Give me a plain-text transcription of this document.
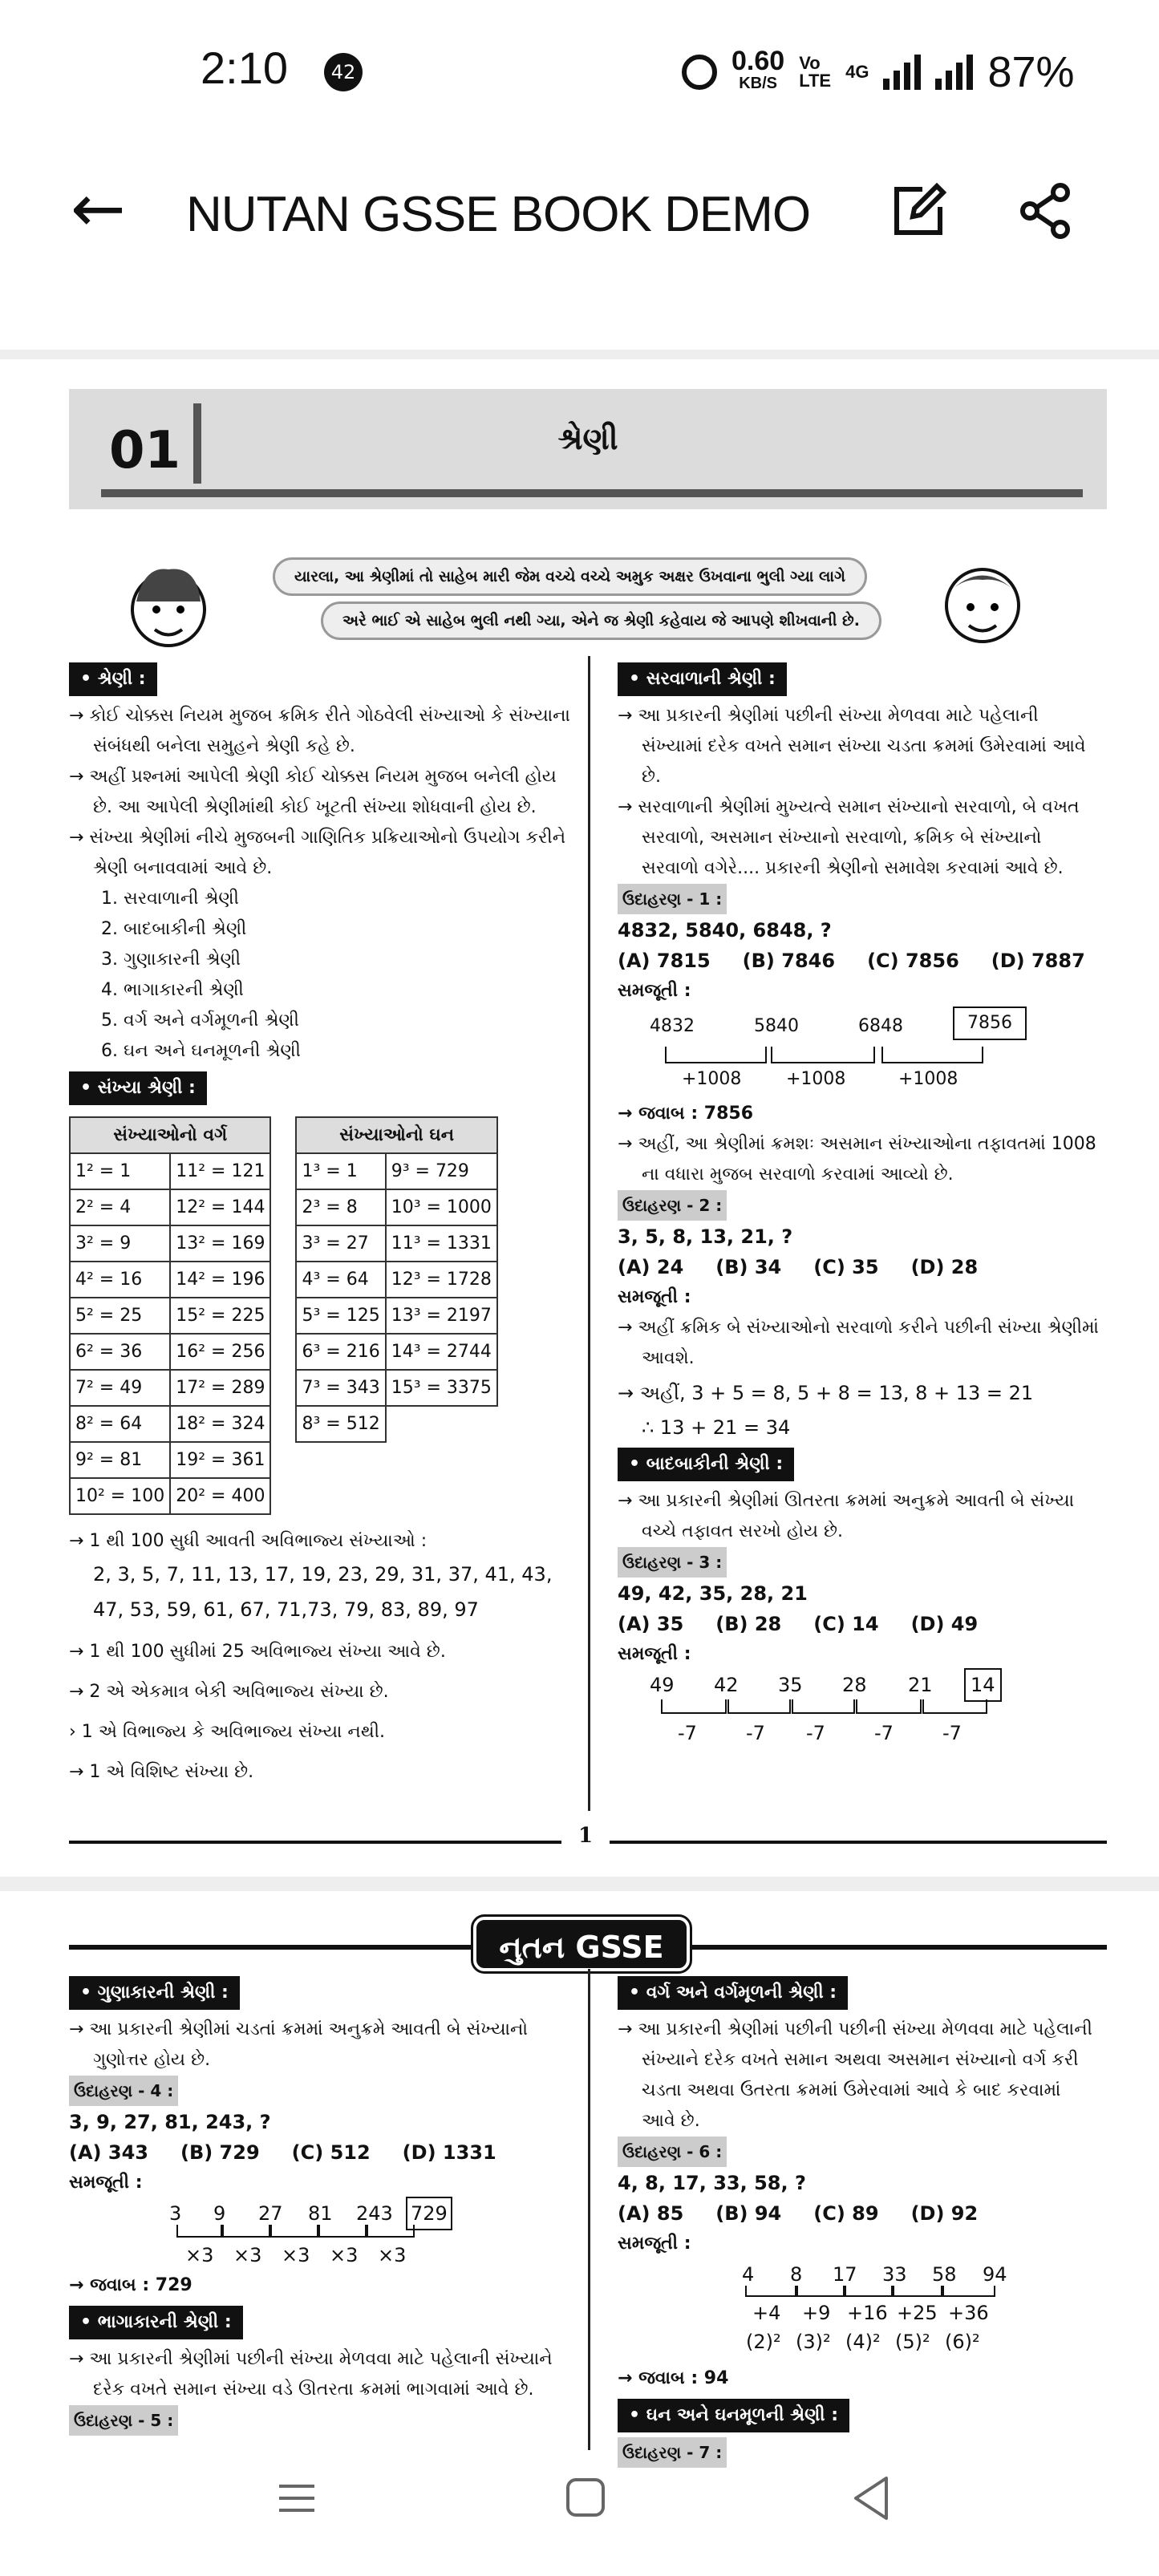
2:10	42	0.60
KB/S
Vo
LTE 4G	87%
← NUTAN GSSE BOOK DEMO
01	શ્રેણી
યારલા, આ શ્રેણીમાં તો સાહેબ મારી જેમ વચ્ચે વચ્ચે અમુક અક્ષર ઉખવાના ભુલી ગ્યા લાગે
અરે ભાઈ એ સાહેબ ભુલી નથી ગ્યા, એને જ શ્રેણી કહેવાય જે આપણે શીખવાની છે.
• શ્રેણી :

→ કોઈ ચોક્કસ નિયમ મુજબ ક્રમિક રીતે ગોઠવેલી સંખ્યાઓ કે સંખ્યાના સંબંધથી બનેલા સમુહને શ્રેણી કહે છે.

→ અહીં પ્રશ્નમાં આપેલી શ્રેણી કોઈ ચોક્કસ નિયમ મુજબ બનેલી હોય છે. આ આપેલી શ્રેણીમાંથી કોઈ ખૂટતી સંખ્યા શોધવાની હોય છે.

→ સંખ્યા શ્રેણીમાં નીચે મુજબની ગાણિતિક પ્રક્રિયાઓનો ઉપયોગ કરીને શ્રેણી બનાવવામાં આવે છે.

1. સરવાળાની શ્રેણી

2. બાદબાકીની શ્રેણી

3. ગુણાકારની શ્રેણી

4. ભાગાકારની શ્રેણી

5. વર્ગ અને વર્ગમૂળની શ્રેણી

6. ઘન અને ઘનમૂળની શ્રેણી

• સંખ્યા શ્રેણી :
સંખ્યાઓનો વર્ગ	
1² = 1	11² = 121
2² = 4	12² = 144
3² = 9	13² = 169
4² = 16	14² = 196
5² = 25	15² = 225
6² = 36	16² = 256
7² = 49	17² = 289
8² = 64	18² = 324
9² = 81	19² = 361
10² = 100	20² = 400
સંખ્યાઓનો ઘન	
1³ = 1	9³ = 729
2³ = 8	10³ = 1000
3³ = 27	11³ = 1331
4³ = 64	12³ = 1728
5³ = 125	13³ = 2197
6³ = 216	14³ = 2744
7³ = 343	15³ = 3375
8³ = 512	

→ 1 થી 100 સુધી આવતી અવિભાજ્ય સંખ્યાઓ :

2, 3, 5, 7, 11, 13, 17, 19, 23, 29, 31, 37, 41, 43, 47, 53, 59, 61, 67, 71,73, 79, 83, 89, 97

→ 1 થી 100 સુધીમાં 25 અવિભાજ્ય સંખ્યા આવે છે.

→ 2 એ એકમાત્ર બેકી અવિભાજ્ય સંખ્યા છે.

› 1 એ વિભાજ્ય કે અવિભાજ્ય સંખ્યા નથી.

→ 1 એ વિશિષ્ટ સંખ્યા છે.

• સરવાળાની શ્રેણી :

→ આ પ્રકારની શ્રેણીમાં પછીની સંખ્યા મેળવવા માટે પહેલાની સંખ્યામાં દરેક વખતે સમાન સંખ્યા ચડતા ક્રમમાં ઉમેરવામાં આવે છે.

→ સરવાળાની શ્રેણીમાં મુખ્યત્વે સમાન સંખ્યાનો સરવાળો, બે વખત સરવાળો, અસમાન સંખ્યાનો સરવાળો, ક્રમિક બે સંખ્યાનો સરવાળો વગેરે.... પ્રકારની શ્રેણીનો સમાવેશ કરવામાં આવે છે.

ઉદાહરણ - 1 :

4832, 5840, 6848, ?

(A) 7815 (B) 7846 (C) 7856 (D) 7887

સમજૂતી :

4832	5840	6848	7856
+1008	+1008	+1008

→ જવાબ : 7856

→ અહીં, આ શ્રેણીમાં ક્રમશઃ અસમાન સંખ્યાઓના તફાવતમાં 1008 ના વધારા મુજબ સરવાળો કરવામાં આવ્યો છે.

ઉદાહરણ - 2 :

3, 5, 8, 13, 21, ?

(A) 24 (B) 34 (C) 35 (D) 28

સમજૂતી :

→ અહીં ક્રમિક બે સંખ્યાઓનો સરવાળો કરીને પછીની સંખ્યા શ્રેણીમાં આવશે.

→ અહીં, 3 + 5 = 8, 5 + 8 = 13, 8 + 13 = 21

∴ 13 + 21 = 34

• બાદબાકીની શ્રેણી :

→ આ પ્રકારની શ્રેણીમાં ઊતરતા ક્રમમાં અનુક્રમે આવતી બે સંખ્યા વચ્ચે તફાવત સરખો હોય છે.

ઉદાહરણ - 3 :

49, 42, 35, 28, 21

(A) 35 (B) 28 (C) 14 (D) 49

સમજૂતી :

49 42 35 28 21	14
-7	-7 -7	-7	-7
1
નુતન GSSE
• ગુણાકારની શ્રેણી :

→ આ પ્રકારની શ્રેણીમાં ચડતાં ક્રમમાં અનુક્રમે આવતી બે સંખ્યાનો ગુણોત્તર હોય છે.

ઉદાહરણ - 4 :

3, 9, 27, 81, 243, ?

(A) 343 (B) 729 (C) 512 (D) 1331

સમજૂતી :

3 9 27 81 243 729
×3 ×3 ×3 ×3 ×3

→ જવાબ : 729

• ભાગાકારની શ્રેણી :

→ આ પ્રકારની શ્રેણીમાં પછીની સંખ્યા મેળવવા માટે પહેલાની સંખ્યાને દરેક વખતે સમાન સંખ્યા વડે ઊતરતા ક્રમમાં ભાગવામાં આવે છે.

ઉદાહરણ - 5 :
• વર્ગ અને વર્ગમૂળની શ્રેણી :

→ આ પ્રકારની શ્રેણીમાં પછીની પછીની સંખ્યા મેળવવા માટે પહેલાની સંખ્યાને દરેક વખતે સમાન અથવા અસમાન સંખ્યાનો વર્ગ કરી ચડતા અથવા ઉતરતા ક્રમમાં ઉમેરવામાં આવે કે બાદ કરવામાં આવે છે.

ઉદાહરણ - 6 :

4, 8, 17, 33, 58, ?

(A) 85 (B) 94 (C) 89 (D) 92

સમજૂતી :

4 8 17 33 58 94
+4 +9 +16 +25 +36
(2)² (3)² (4)² (5)² (6)²

→ જવાબ : 94

• ઘન અને ઘનમૂળની શ્રેણી :
ઉદાહરણ - 7 :
